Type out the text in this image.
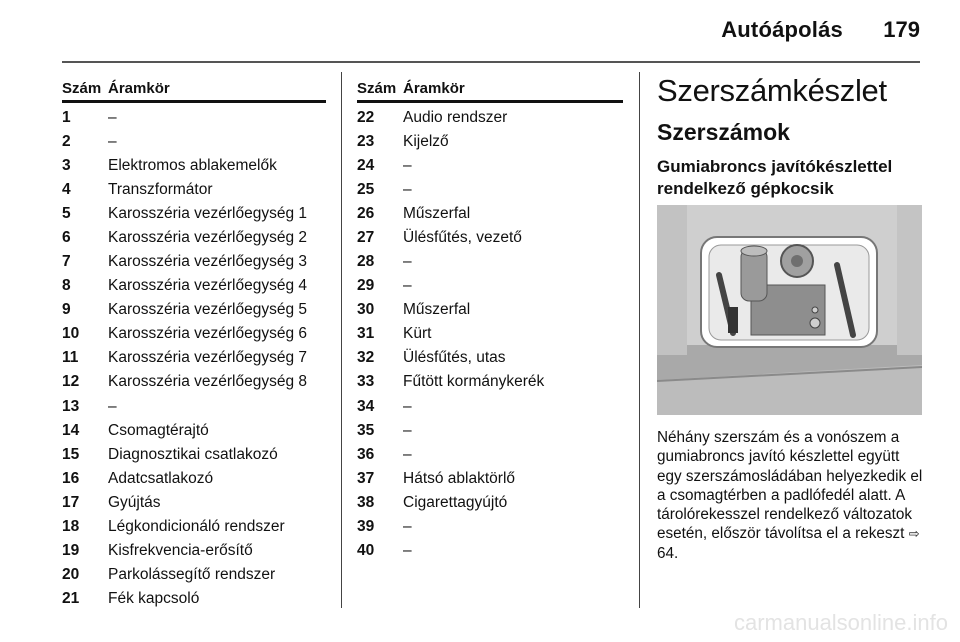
Autóápolás 179
Szám	Áramkör
1	–
2	–
3	Elektromos ablakemelők
4	Transzformátor
5	Karosszéria vezérlőegység 1
6	Karosszéria vezérlőegység 2
7	Karosszéria vezérlőegység 3
8	Karosszéria vezérlőegység 4
9	Karosszéria vezérlőegység 5
10	Karosszéria vezérlőegység 6
11	Karosszéria vezérlőegység 7
12	Karosszéria vezérlőegység 8
13	–
14	Csomagtérajtó
15	Diagnosztikai csatlakozó
16	Adatcsatlakozó
17	Gyújtás
18	Légkondicionáló rendszer
19	Kisfrekvencia-erősítő
20	Parkolássegítő rendszer
21	Fék kapcsoló
Szám	Áramkör
22	Audio rendszer
23	Kijelző
24	–
25	–
26	Műszerfal
27	Ülésfűtés, vezető
28	–
29	–
30	Műszerfal
31	Kürt
32	Ülésfűtés, utas
33	Fűtött kormánykerék
34	–
35	–
36	–
37	Hátsó ablaktörlő
38	Cigarettagyújtó
39	–
40	–
Szerszámkészlet
Szerszámok
Gumiabroncs javítókészlettel rendelkező gépkocsik
Néhány szerszám és a vonószem a gumiabroncs javító készlettel együtt egy szerszámosládában helyezkedik el a csomagtérben a padlófedél alatt. A tárolórekesszel rendelkező változatok esetén, először távolítsa el a rekeszt ⇨ 64.
carmanualsonline.info
